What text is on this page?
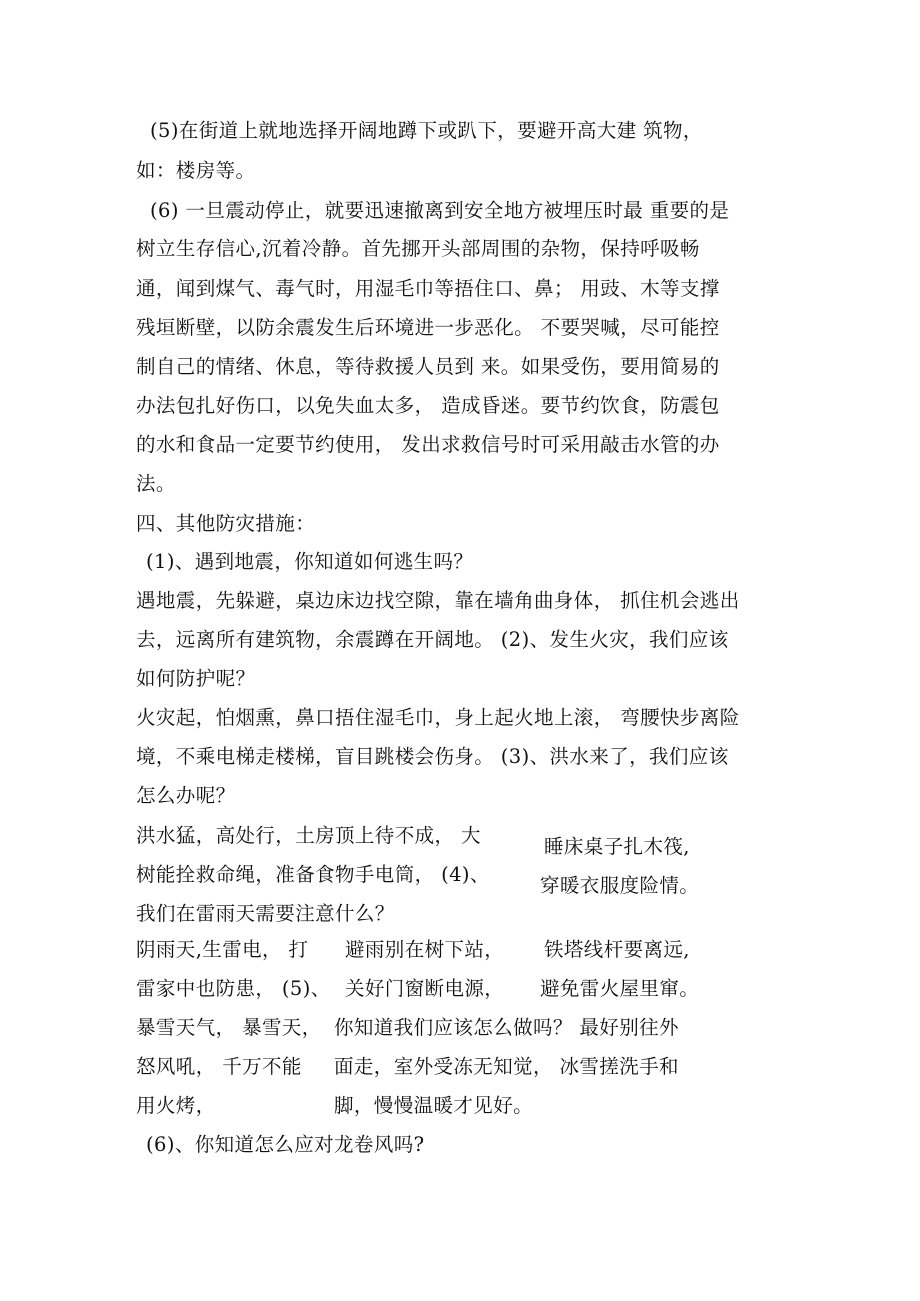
(5)在街道上就地选择开阔地蹲下或趴下，要避开高大建 筑物，
如：楼房等。
(6) 一旦震动停止，就要迅速撤离到安全地方被埋压时最 重要的是
树立生存信心,沉着冷静。首先挪开头部周围的杂物，保持呼吸畅
通，闻到煤气、毒气时，用湿毛巾等捂住口、鼻； 用豉、木等支撑
残垣断壁，以防余震发生后环境进一步恶化。 不要哭喊，尽可能控
制自己的情绪、休息，等待救援人员到 来。如果受伤，要用简易的
办法包扎好伤口，以免失血太多， 造成昏迷。要节约饮食，防震包
的水和食品一定要节约使用， 发出求救信号时可采用敲击水管的办
法。
四、其他防灾措施：
(1)、遇到地震，你知道如何逃生吗？
遇地震，先躲避，桌边床边找空隙，靠在墙角曲身体， 抓住机会逃出
去，远离所有建筑物，余震蹲在开阔地。 (2)、发生火灾，我们应该
如何防护呢？
火灾起，怕烟熏，鼻口捂住湿毛巾，身上起火地上滚， 弯腰快步离险
境，不乘电梯走楼梯，盲目跳楼会伤身。 (3)、洪水来了，我们应该
怎么办呢？
洪水猛，高处行，土房顶上待不成， 大
树能拴救命绳，准备食物手电筒， (4)、
我们在雷雨天需要注意什么？
睡床桌子扎木筏,
穿暖衣服度险情。
阴雨天,生雷电， 打
雷家中也防患， (5)、
避雨别在树下站，
关好门窗断电源，
铁塔线杆要离远,
避免雷火屋里窜。
暴雪天气， 暴雪天，
怒风吼， 千万不能
用火烤，
你知道我们应该怎么做吗？ 最好别往外
面走，室外受冻无知觉， 冰雪搓洗手和
脚，慢慢温暖才见好。
(6)、你知道怎么应对龙卷风吗?
